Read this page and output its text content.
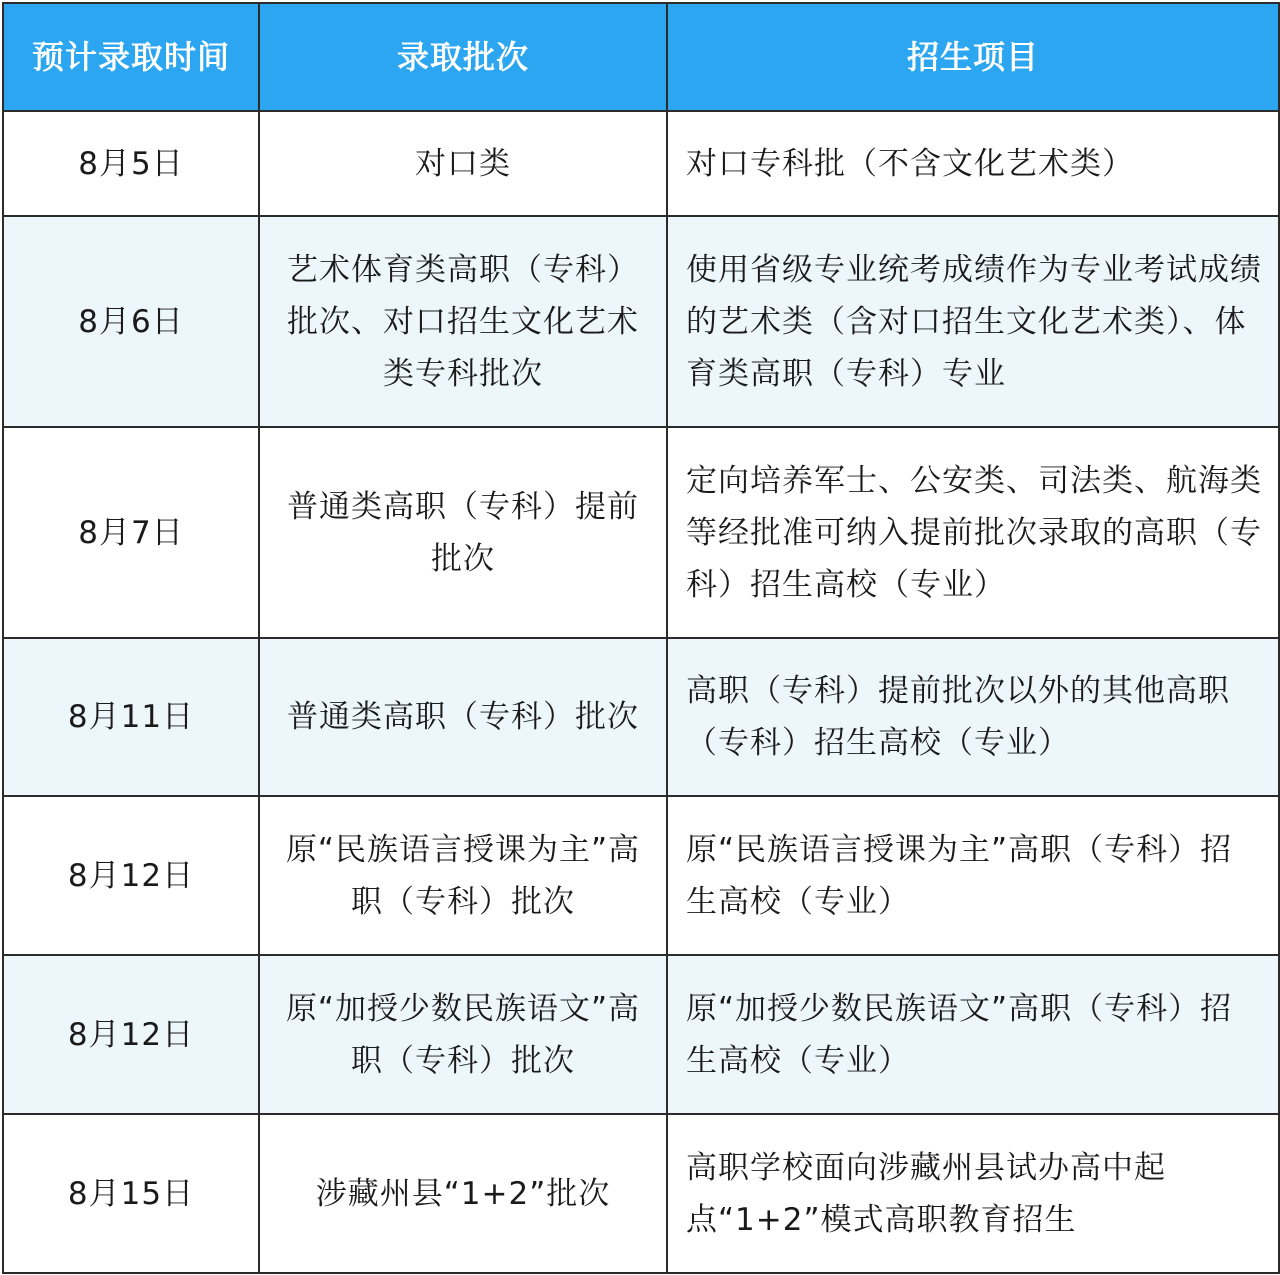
预计录取时间	录取批次	招生项目
8月5日	对口类	对口专科批（不含文化艺术类）
8月6日	艺术体育类高职（专科）批次、对口招生文化艺术类专科批次	使用省级专业统考成绩作为专业考试成绩的艺术类（含对口招生文化艺术类）、体育类高职（专科）专业
8月7日	普通类高职（专科）提前批次	定向培养军士、公安类、司法类、航海类等经批准可纳入提前批次录取的高职（专科）招生高校（专业）
8月11日	普通类高职（专科）批次	高职（专科）提前批次以外的其他高职（专科）招生高校（专业）
8月12日	原“民族语言授课为主”高职（专科）批次	原“民族语言授课为主”高职（专科）招生高校（专业）
8月12日	原“加授少数民族语文”高职（专科）批次	原“加授少数民族语文”高职（专科）招生高校（专业）
8月15日	涉藏州县“1+2”批次	高职学校面向涉藏州县试办高中起点“1+2”模式高职教育招生
